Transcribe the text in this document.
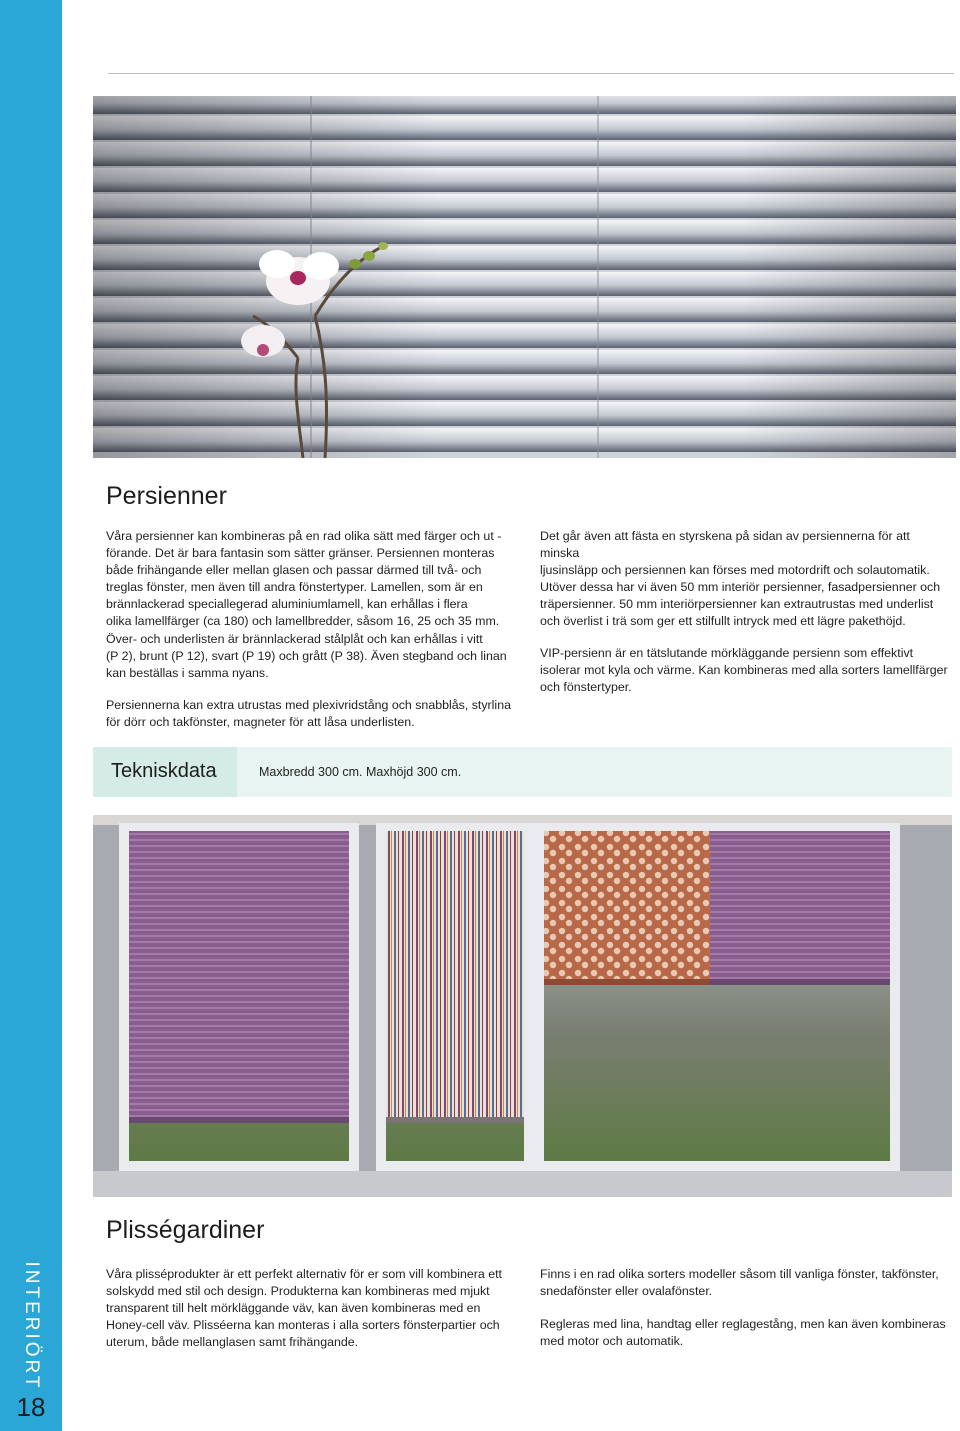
INTERIÖRT
18
Persienner
Våra persienner kan kombineras på en rad olika sätt med färger och ut -
förande. Det är bara fantasin som sätter gränser. Persiennen monteras
både frihängande eller mellan glasen och passar därmed till två- och
treglas fönster, men även till andra fönstertyper. Lamellen, som är en
brännlackerad speciallegerad aluminiumlamell, kan erhållas i flera
olika lamellfärger (ca 180) och lamellbredder, såsom 16, 25 och 35 mm.
Över- och underlisten är brännlackerad stålplåt och kan erhållas i vitt
(P 2), brunt (P 12), svart (P 19) och grått (P 38). Även stegband och linan
kan beställas i samma nyans.
Persiennerna kan extra utrustas med plexivridstång och snabblås, styrlina
för dörr och takfönster, magneter för att låsa underlisten.
Det går även att fästa en styrskena på sidan av persiennerna för att minska
ljusinsläpp och persiennen kan förses med motordrift och solautomatik.
Utöver dessa har vi även 50 mm interiör persienner, fasadpersienner och
träpersienner. 50 mm interiörpersienner kan extrautrustas med underlist
och överlist i trä som ger ett stilfullt intryck med ett lägre pakethöjd.
VIP-persienn är en tätslutande mörkläggande persienn som effektivt
isolerar mot kyla och värme. Kan kombineras med alla sorters lamellfärger
och fönstertyper.
Tekniskdata	Maxbredd 300 cm. Maxhöjd 300 cm.
Plisségardiner
Våra plisséprodukter är ett perfekt alternativ för er som vill kombinera ett
solskydd med stil och design. Produkterna kan kombineras med mjukt
transparent till helt mörkläggande väv, kan även kombineras med en
Honey-cell väv. Plisséerna kan monteras i alla sorters fönsterpartier och
uterum, både mellanglasen samt frihängande.
Finns i en rad olika sorters modeller såsom till vanliga fönster, takfönster,
snedafönster eller ovalafönster.
Regleras med lina, handtag eller reglagestång, men kan även kombineras
med motor och automatik.
